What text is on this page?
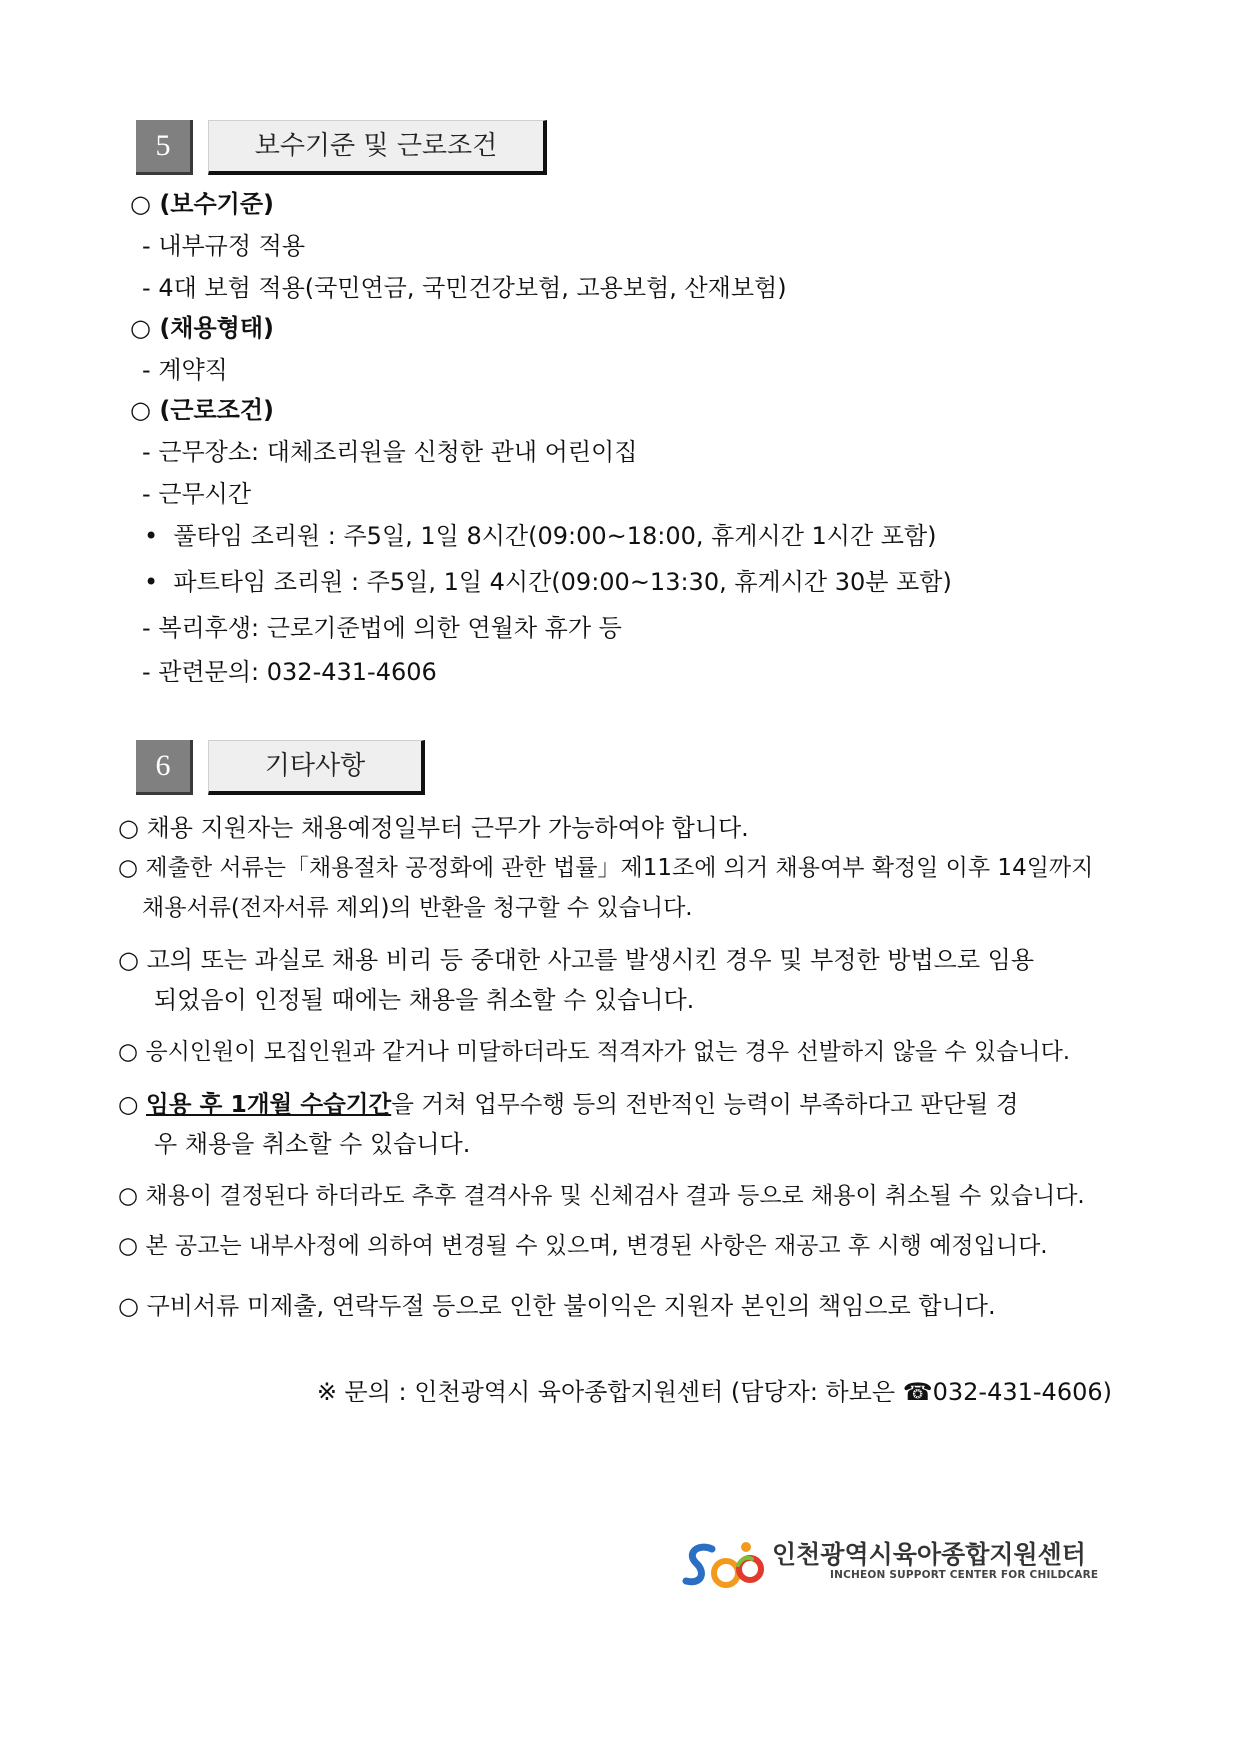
5	보수기준 및 근로조건
○ (보수기준)
- 내부규정 적용
- 4대 보험 적용(국민연금, 국민건강보험, 고용보험, 산재보험)
○ (채용형태)
- 계약직
○ (근로조건)
- 근무장소: 대체조리원을 신청한 관내 어린이집
- 근무시간
• 풀타임 조리원 : 주5일, 1일 8시간(09:00~18:00, 휴게시간 1시간 포함)
• 파트타임 조리원 : 주5일, 1일 4시간(09:00~13:30, 휴게시간 30분 포함)
- 복리후생: 근로기준법에 의한 연월차 휴가 등
- 관련문의: 032-431-4606
6	기타사항
○ 채용 지원자는 채용예정일부터 근무가 가능하여야 합니다.
○ 제출한 서류는「채용절차 공정화에 관한 법률」제11조에 의거 채용여부 확정일 이후 14일까지
채용서류(전자서류 제외)의 반환을 청구할 수 있습니다.
○ 고의 또는 과실로 채용 비리 등 중대한 사고를 발생시킨 경우 및 부정한 방법으로 임용
되었음이 인정될 때에는 채용을 취소할 수 있습니다.
○ 응시인원이 모집인원과 같거나 미달하더라도 적격자가 없는 경우 선발하지 않을 수 있습니다.
○ 임용 후 1개월 수습기간을 거쳐 업무수행 등의 전반적인 능력이 부족하다고 판단될 경
우 채용을 취소할 수 있습니다.
○ 채용이 결정된다 하더라도 추후 결격사유 및 신체검사 결과 등으로 채용이 취소될 수 있습니다.
○ 본 공고는 내부사정에 의하여 변경될 수 있으며, 변경된 사항은 재공고 후 시행 예정입니다.
○ 구비서류 미제출, 연락두절 등으로 인한 불이익은 지원자 본인의 책임으로 합니다.
※ 문의 : 인천광역시 육아종합지원센터 (담당자: 하보은 ☎032-431-4606)
인천광역시육아종합지원센터
INCHEON SUPPORT CENTER FOR CHILDCARE
